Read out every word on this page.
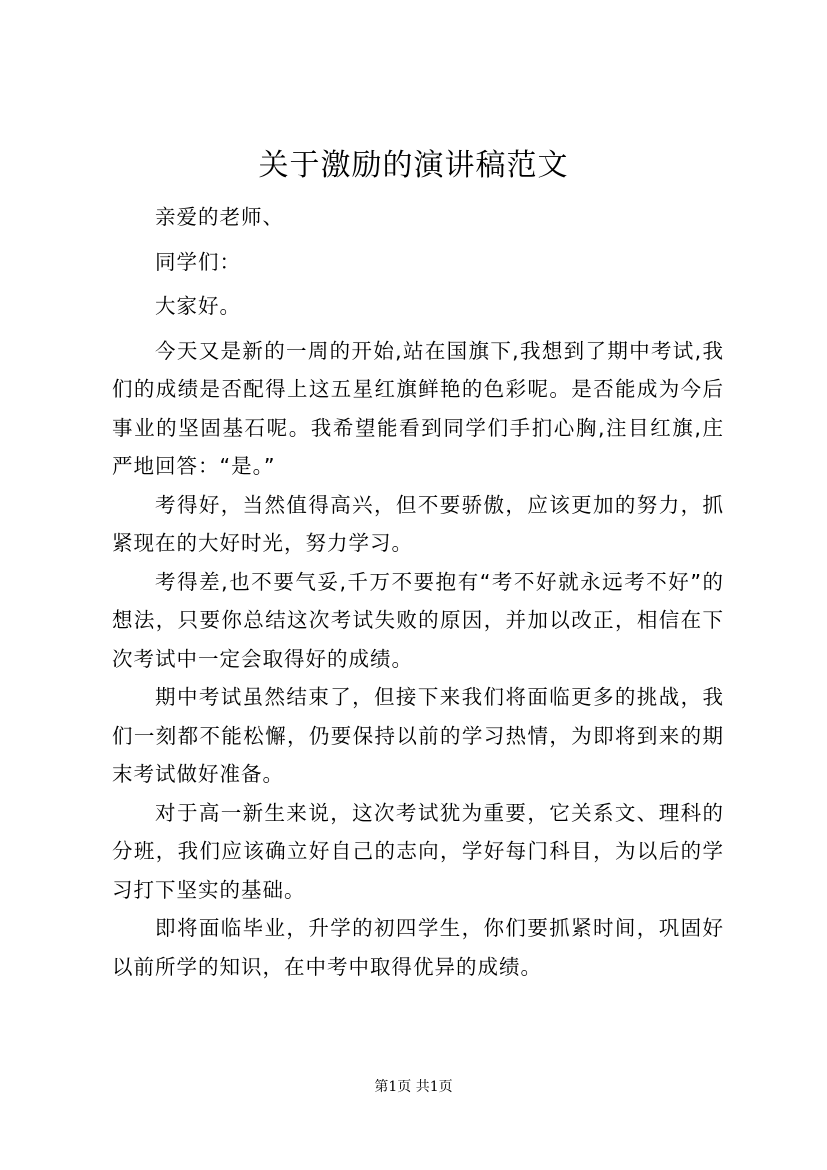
关于激励的演讲稿范文

亲爱的老师、

同学们：

大家好。

今天又是新的一周的开始,站在国旗下,我想到了期中考试,我们的成绩是否配得上这五星红旗鲜艳的色彩呢。是否能成为今后事业的坚固基石呢。我希望能看到同学们手扪心胸,注目红旗,庄严地回答：“是。”

考得好，当然值得高兴，但不要骄傲，应该更加的努力，抓紧现在的大好时光，努力学习。

考得差,也不要气妥,千万不要抱有“考不好就永远考不好”的想法，只要你总结这次考试失败的原因，并加以改正，相信在下次考试中一定会取得好的成绩。

期中考试虽然结束了，但接下来我们将面临更多的挑战，我们一刻都不能松懈，仍要保持以前的学习热情，为即将到来的期末考试做好准备。

对于高一新生来说，这次考试犹为重要，它关系文、理科的分班，我们应该确立好自己的志向，学好每门科目，为以后的学习打下坚实的基础。

即将面临毕业，升学的初四学生，你们要抓紧时间，巩固好以前所学的知识，在中考中取得优异的成绩。

第1页 共1页
